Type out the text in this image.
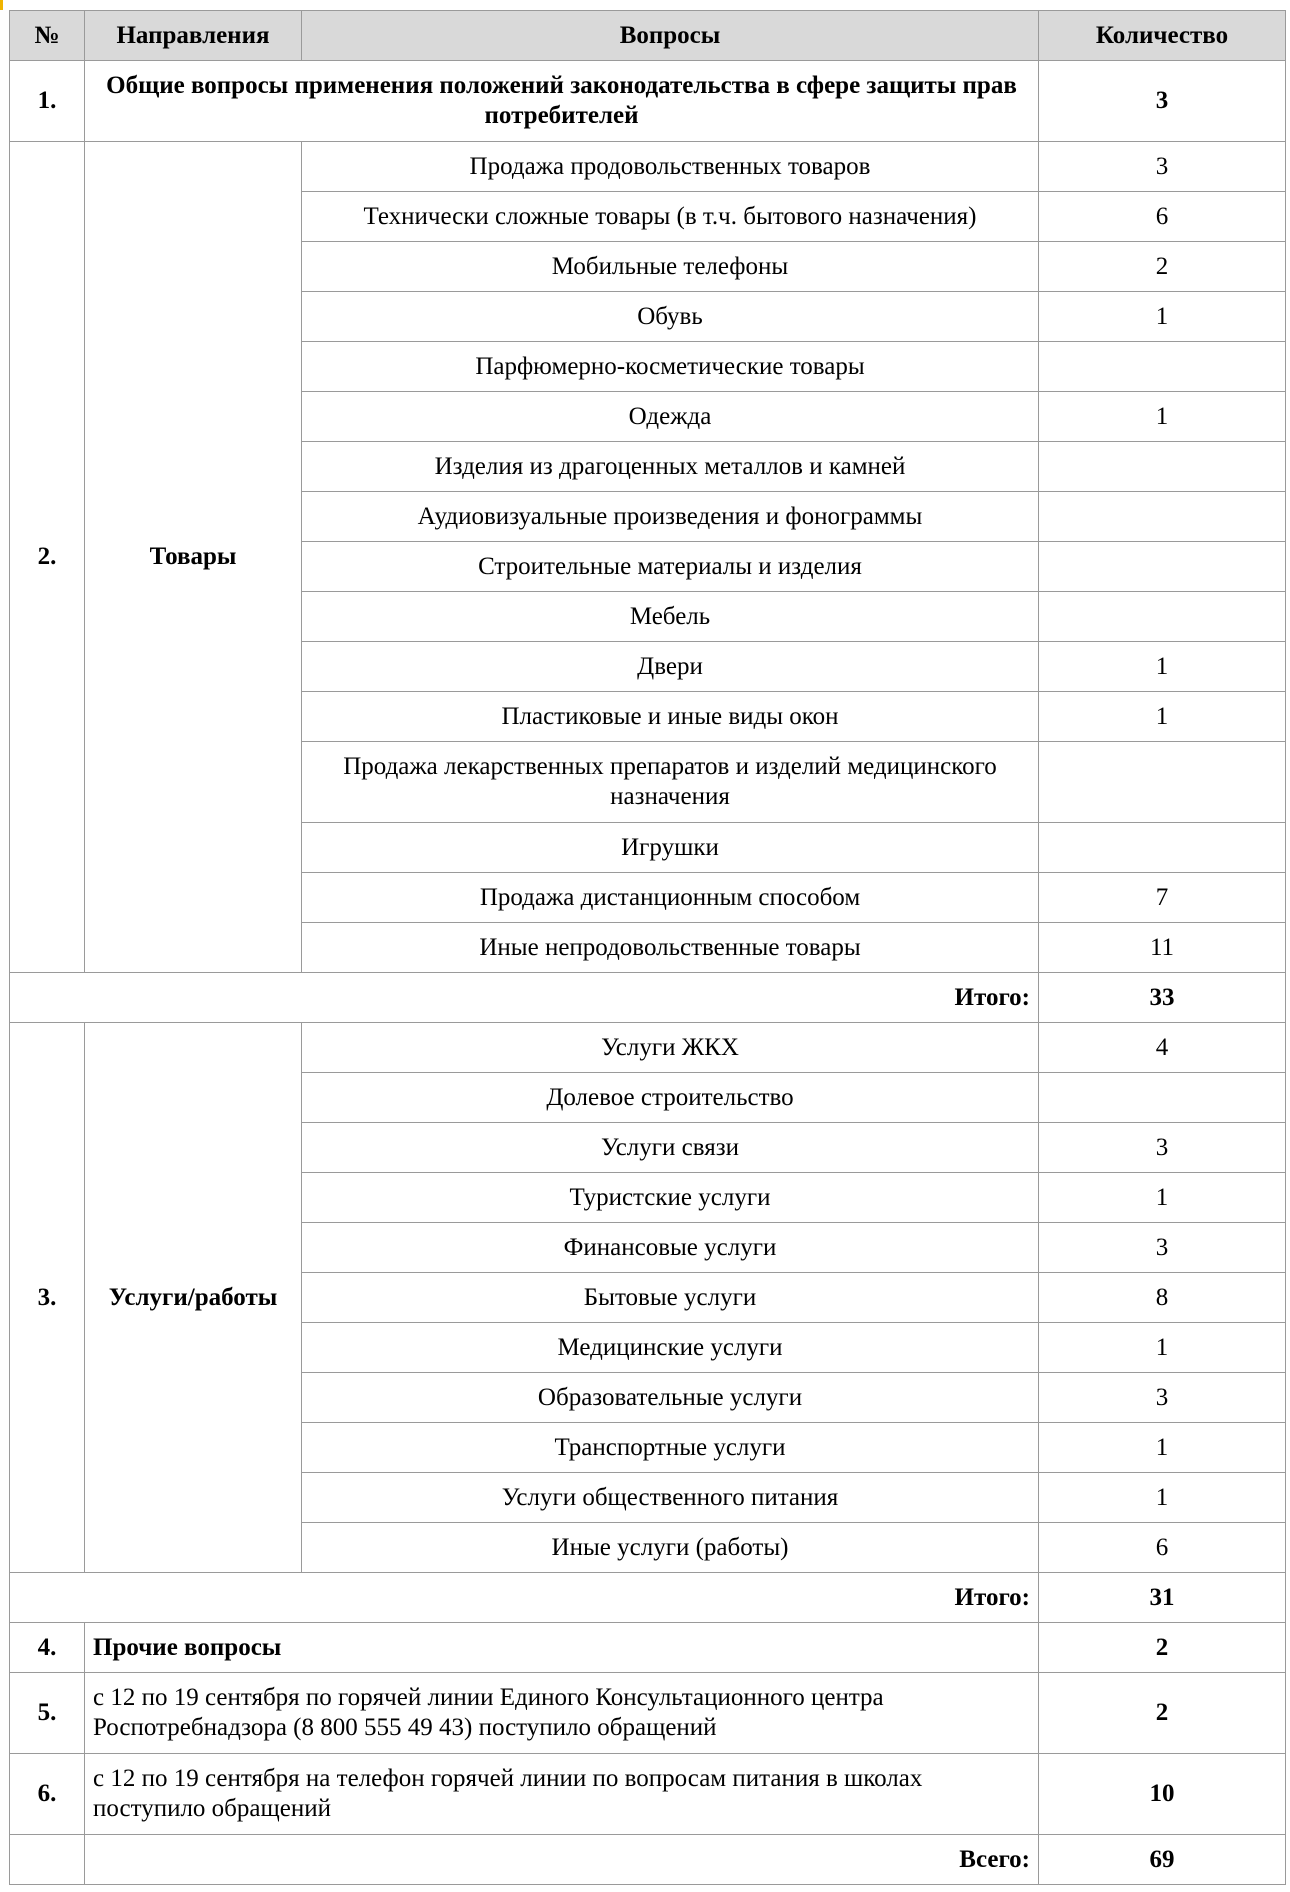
№	Направления	Вопросы	Количество
1.	Общие вопросы применения положений законодательства в сфере защиты прав потребителей		3
2.	Товары	Продажа продовольственных товаров	3
		Технически сложные товары (в т.ч. бытового назначения)	6
		Мобильные телефоны	2
		Обувь	1
		Парфюмерно-косметические товары	
		Одежда	1
		Изделия из драгоценных металлов и камней	
		Аудиовизуальные произведения и фонограммы	
		Строительные материалы и изделия	
		Мебель	
		Двери	1
		Пластиковые и иные виды окон	1
		Продажа лекарственных препаратов и изделий медицинского назначения	
		Игрушки	
		Продажа дистанционным способом	7
		Иные непродовольственные товары	11
Итого:			33
3.	Услуги/работы	Услуги ЖКХ	4
		Долевое строительство	
		Услуги связи	3
		Туристские услуги	1
		Финансовые услуги	3
		Бытовые услуги	8
		Медицинские услуги	1
		Образовательные услуги	3
		Транспортные услуги	1
		Услуги общественного питания	1
		Иные услуги (работы)	6
Итого:			31
4.	Прочие вопросы		2
5.	с 12 по 19 сентября по горячей линии Единого Консультационного центра Роспотребнадзора (8 800 555 49 43) поступило обращений		2
6.	с 12 по 19 сентября на телефон горячей линии по вопросам питания в школах поступило обращений		10
	Всего:		69
